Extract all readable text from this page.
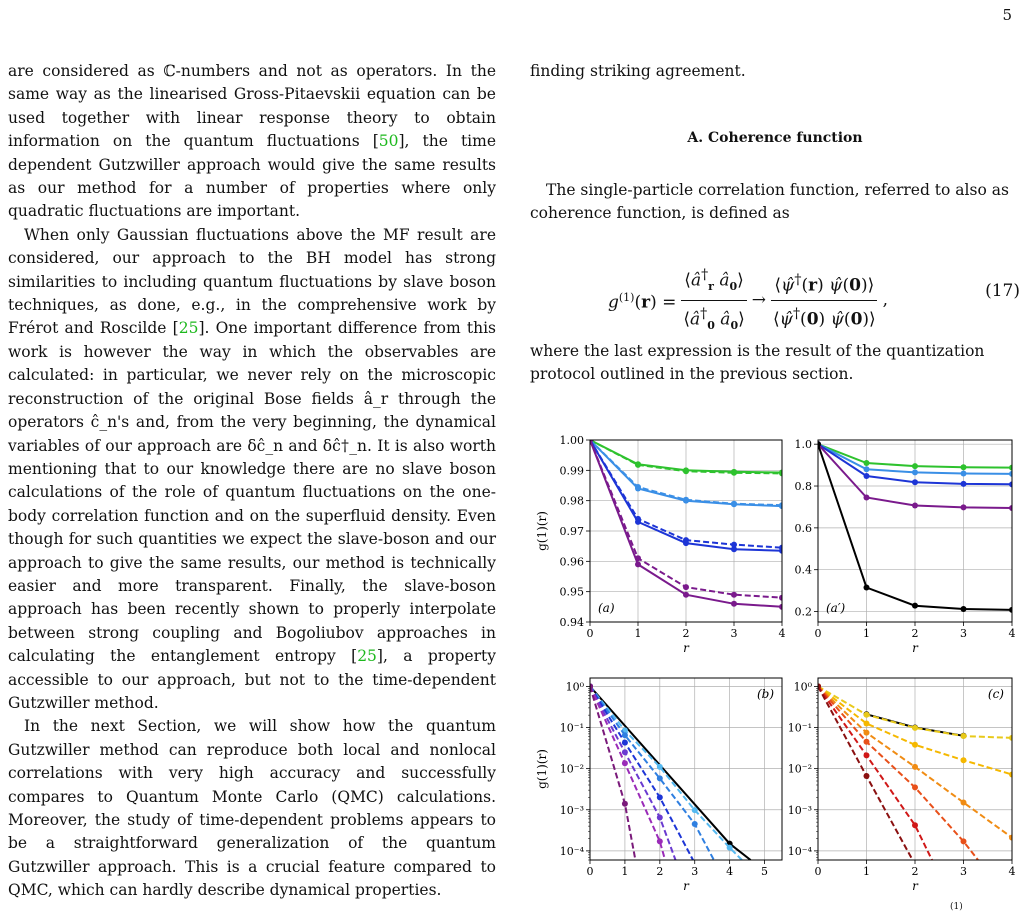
5

are considered as ℂ-numbers and not as operators. In the same way as the linearised Gross-Pitaevskii equation can be used together with linear response theory to obtain information on the quantum fluctuations [50], the time dependent Gutzwiller approach would give the same results as our method for a number of properties where only quadratic fluctuations are important.

When only Gaussian fluctuations above the MF result are considered, our approach to the BH model has strong similarities to including quantum fluctuations by slave boson techniques, as done, e.g., in the comprehensive work by Frérot and Roscilde [25]. One important difference from this work is however the way in which the observables are calculated: in particular, we never rely on the microscopic reconstruction of the original Bose fields â_r through the operators ĉ_n's and, from the very beginning, the dynamical variables of our approach are δĉ_n and δĉ†_n. It is also worth mentioning that to our knowledge there are no slave boson calculations of the role of quantum fluctuations on the one-body correlation function and on the superfluid density. Even though for such quantities we expect the slave-boson and our approach to give the same results, our method is technically easier and more transparent. Finally, the slave-boson approach has been recently shown to properly interpolate between strong coupling and Bogoliubov approaches in calculating the entanglement entropy [25], a property accessible to our approach, but not to the time-dependent Gutzwiller method.

In the next Section, we will show how the quantum Gutzwiller method can reproduce both local and nonlocal correlations with very high accuracy and successfully compares to Quantum Monte Carlo (QMC) calculations. Moreover, the study of time-dependent problems appears to be a straightforward generalization of the quantum Gutzwiller approach. This is a crucial feature compared to QMC, which can hardly describe dynamical properties.

finding striking agreement.

A. Coherence function

The single-particle correlation function, referred to also as coherence function, is defined as

$g^{(1)}(r) = \frac{⟨â^\dagger_r â_0⟩}{⟨â^\dagger_0 â_0⟩} \to \frac{⟨\psî^\dagger(r) \psî(0)⟩}{⟨\psî^\dagger(0) \psî(0)⟩}$ ,	(17)

where the last expression is the result of the quantization protocol outlined in the previous section.

0	1	2	3	4
0.94
0.95
0.96
0.97
0.98
0.99
1.00
(a)
r
g(1)(r)
0	1	2	3	4
0.2
0.4
0.6
0.8
1.0
(a′)
r
0	1	2	3	4	5
10⁰
10⁻¹
10⁻²
10⁻³
10⁻⁴
(b)
r
g(1)(r)
0	1	2	3	4
10⁰
10⁻¹
10⁻²
10⁻³
10⁻⁴
(c)
r
(1)
